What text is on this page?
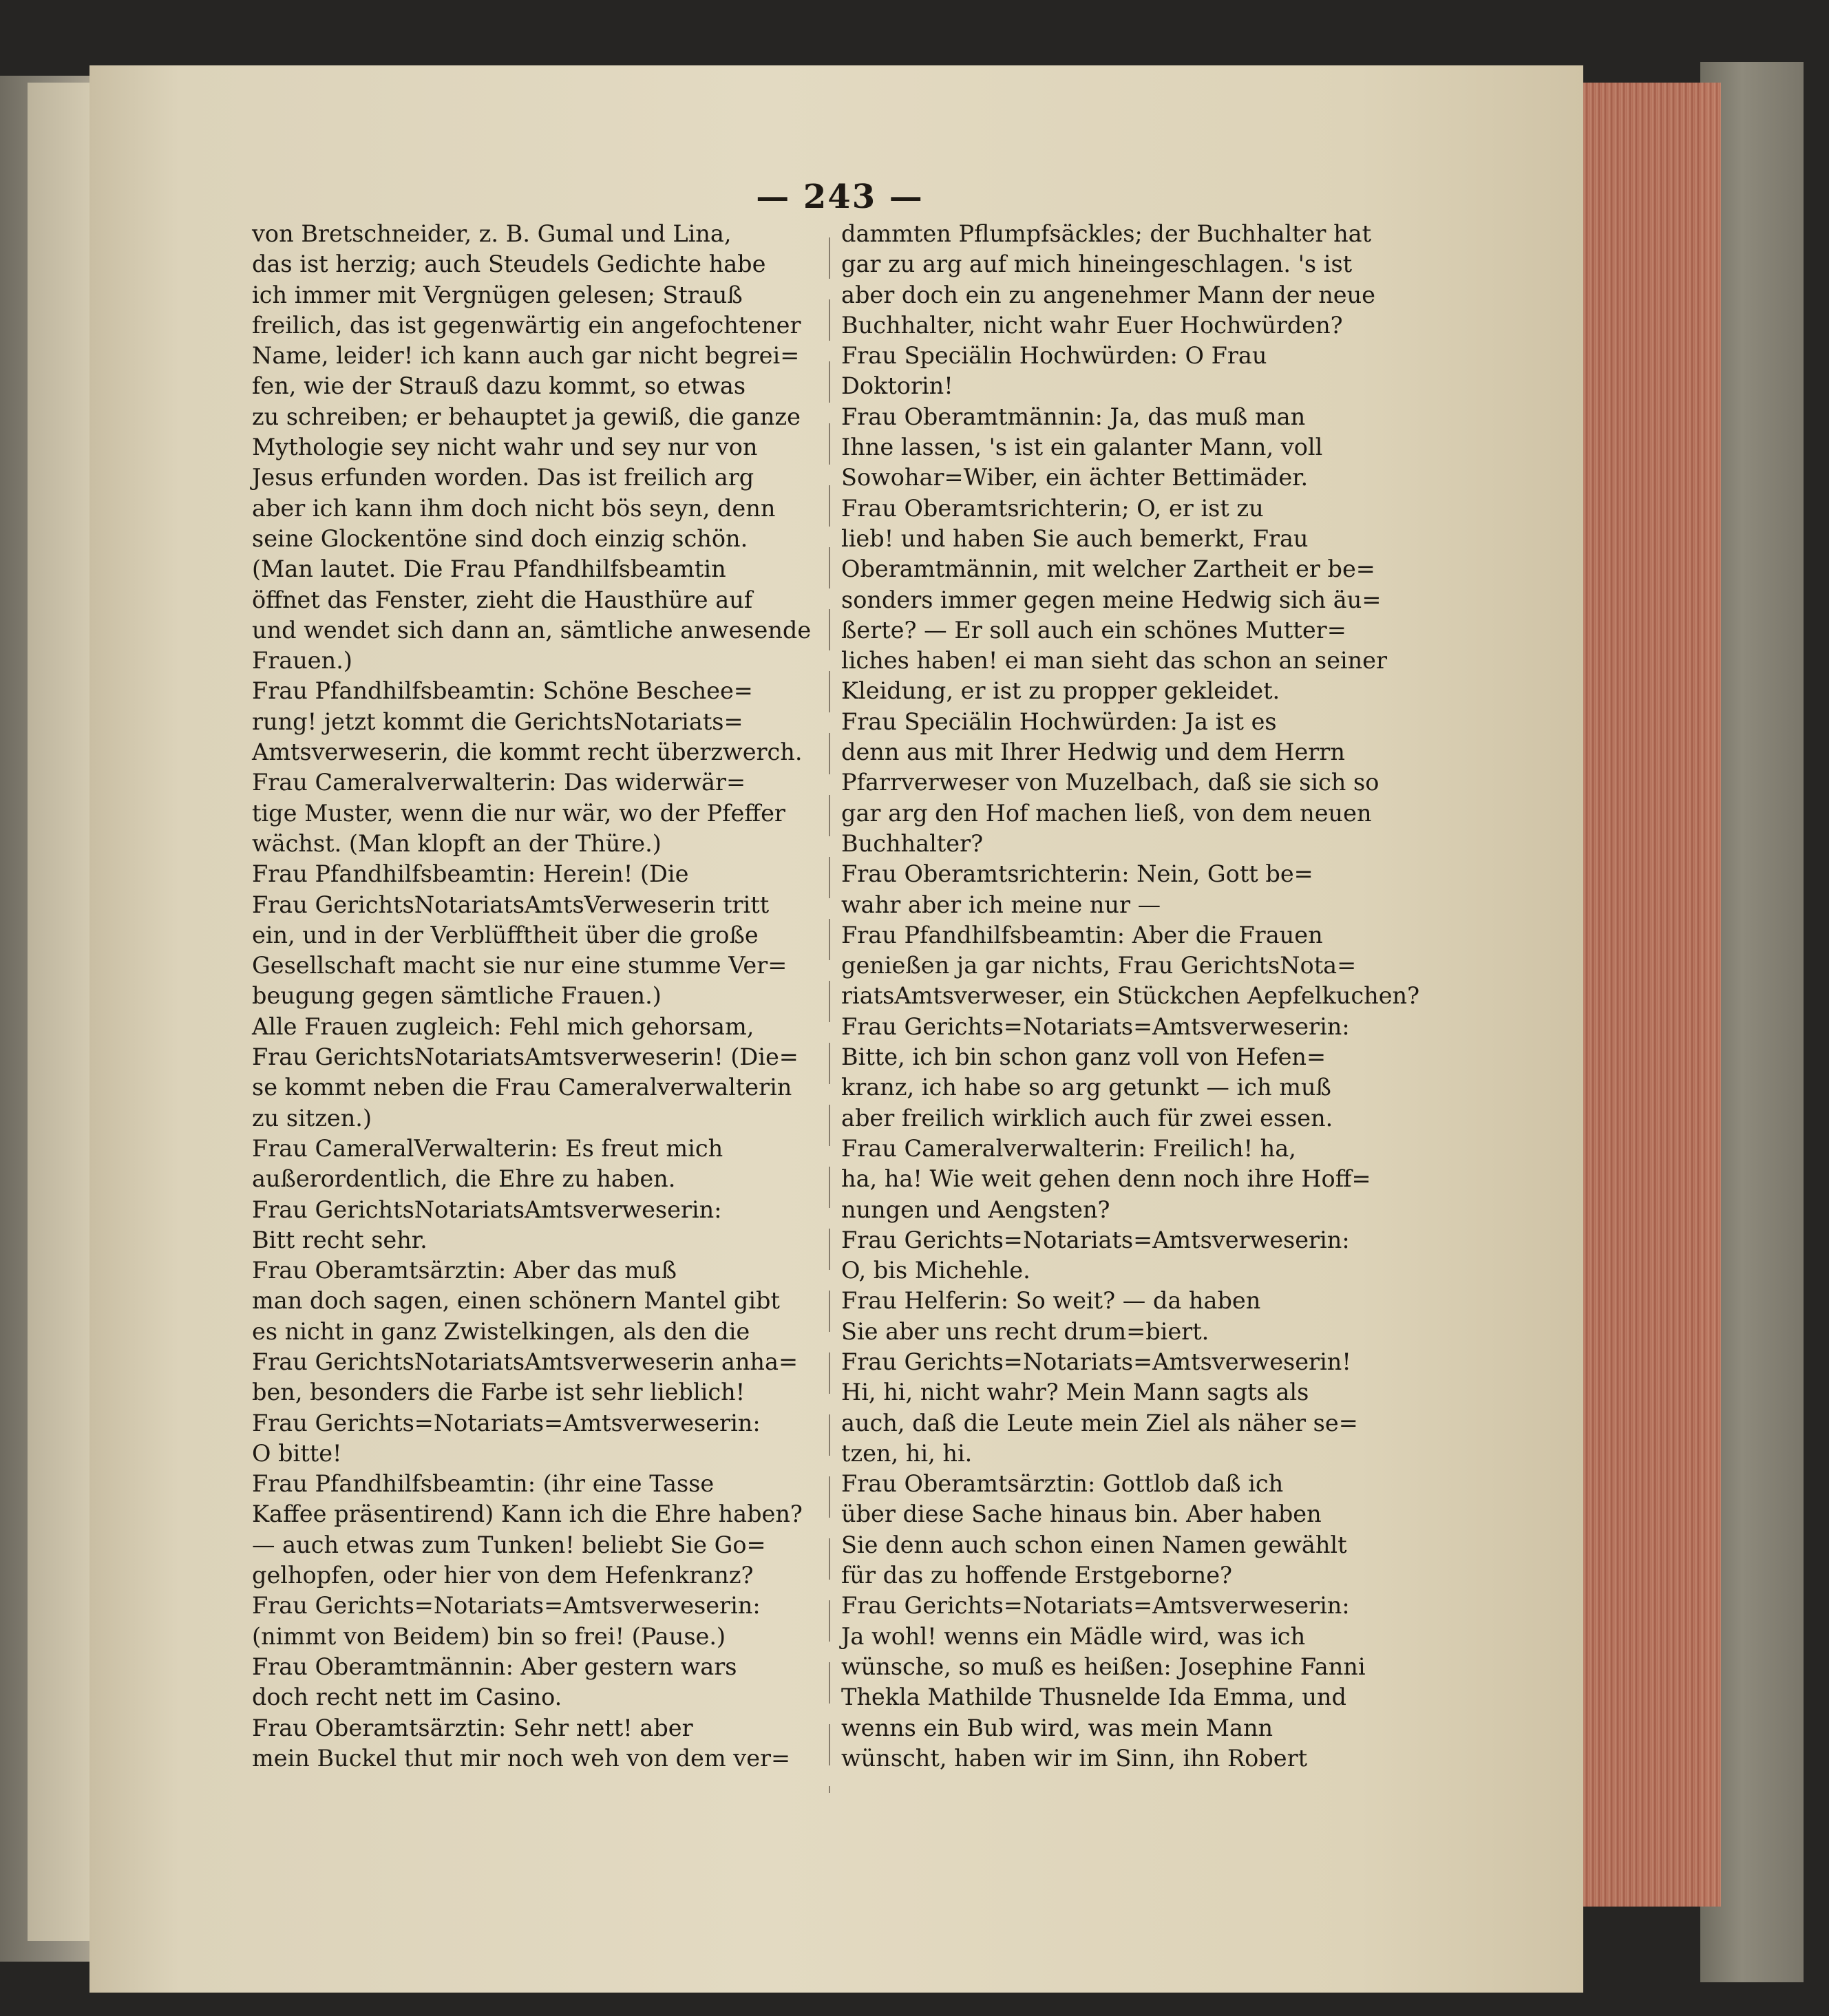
— 243 —
von Bretschneider, z. B. Gumal und Lina,
das ist herzig; auch Steudels Gedichte habe
ich immer mit Vergnügen gelesen; Strauß
freilich, das ist gegenwärtig ein angefochtener
Name, leider! ich kann auch gar nicht begrei=
fen, wie der Strauß dazu kommt, so etwas
zu schreiben; er behauptet ja gewiß, die ganze
Mythologie sey nicht wahr und sey nur von
Jesus erfunden worden. Das ist freilich arg
aber ich kann ihm doch nicht bös seyn, denn
seine Glockentöne sind doch einzig schön.
(Man lautet. Die Frau Pfandhilfsbeamtin
öffnet das Fenster, zieht die Hausthüre auf
und wendet sich dann an, sämtliche anwesende
Frauen.)
Frau Pfandhilfsbeamtin: Schöne Bescheе=
rung! jetzt kommt die GerichtsNotariats=
Amtsverweserin, die kommt recht überzwerch.
Frau Cameralverwalterin: Das widerwär=
tige Muster, wenn die nur wär, wo der Pfeffer
wächst. (Man klopft an der Thüre.)
Frau Pfandhilfsbeamtin: Herein! (Die
Frau GerichtsNotariatsAmtsVerweserin tritt
ein, und in der Verblüfftheit über die große
Gesellschaft macht sie nur eine stumme Ver=
beugung gegen sämtliche Frauen.)
Alle Frauen zugleich: Fehl mich gehorsam,
Frau GerichtsNotariatsAmtsverweserin! (Die=
se kommt neben die Frau Cameralverwalterin
zu sitzen.)
Frau CameralVerwalterin: Es freut mich
außerordentlich, die Ehre zu haben.
Frau GerichtsNotariatsAmtsverweserin:
Bitt recht sehr.
Frau Oberamtsärztin: Aber das muß
man doch sagen, einen schönern Mantel gibt
es nicht in ganz Zwistelkingen, als den die
Frau GerichtsNotariatsAmtsverweserin anha=
ben, besonders die Farbe ist sehr lieblich!
Frau Gerichts=Notariats=Amtsverweserin:
O bitte!
Frau Pfandhilfsbeamtin: (ihr eine Tasse
Kaffee präsentirend) Kann ich die Ehre haben?
— auch etwas zum Tunken! beliebt Sie Go=
gelhopfen, oder hier von dem Hefenkranz?
Frau Gerichts=Notariats=Amtsverweserin:
(nimmt von Beidem) bin so frei! (Pause.)
Frau Oberamtmännin: Aber gestern wars
doch recht nett im Casino.
Frau Oberamtsärztin: Sehr nett! aber
mein Buckel thut mir noch weh von dem ver=
dammten Pflumpfsäckles; der Buchhalter hat
gar zu arg auf mich hineingeschlagen. 's ist
aber doch ein zu angenehmer Mann der neue
Buchhalter, nicht wahr Euer Hochwürden?
Frau Speciälin Hochwürden: O Frau
Doktorin!
Frau Oberamtmännin: Ja, das muß man
Ihne lassen, 's ist ein galanter Mann, voll
Sowohar=Wiber, ein ächter Bettimäder.
Frau Oberamtsrichterin; O, er ist zu
lieb! und haben Sie auch bemerkt, Frau
Oberamtmännin, mit welcher Zartheit er be=
sonders immer gegen meine Hedwig sich äu=
ßerte? — Er soll auch ein schönes Mutter=
liches haben! ei man sieht das schon an seiner
Kleidung, er ist zu propper gekleidet.
Frau Speciälin Hochwürden: Ja ist es
denn aus mit Ihrer Hedwig und dem Herrn
Pfarrverweser von Muzelbach, daß sie sich so
gar arg den Hof machen ließ, von dem neuen
Buchhalter?
Frau Oberamtsrichterin: Nein, Gott be=
wahr aber ich meine nur —
Frau Pfandhilfsbeamtin: Aber die Frauen
genießen ja gar nichts, Frau GerichtsNota=
riatsAmtsverweser, ein Stückchen Aepfelkuchen?
Frau Gerichts=Notariats=Amtsverweserin:
Bitte, ich bin schon ganz voll von Hefen=
kranz, ich habe so arg getunkt — ich muß
aber freilich wirklich auch für zwei essen.
Frau Cameralverwalterin: Freilich! ha,
ha, ha! Wie weit gehen denn noch ihre Hoff=
nungen und Aengsten?
Frau Gerichts=Notariats=Amtsverweserin:
O, bis Michehle.
Frau Helferin: So weit? — da haben
Sie aber uns recht drum=biert.
Frau Gerichts=Notariats=Amtsverweserin!
Hi, hi, nicht wahr? Mein Mann sagts als
auch, daß die Leute mein Ziel als näher se=
tzen, hi, hi.
Frau Oberamtsärztin: Gottlob daß ich
über diese Sache hinaus bin. Aber haben
Sie denn auch schon einen Namen gewählt
für das zu hoffende Erstgeborne?
Frau Gerichts=Notariats=Amtsverweserin:
Ja wohl! wenns ein Mädle wird, was ich
wünsche, so muß es heißen: Josephine Fanni
Thekla Mathilde Thusnelde Ida Emma, und
wenns ein Bub wird, was mein Mann
wünscht, haben wir im Sinn, ihn Robert
